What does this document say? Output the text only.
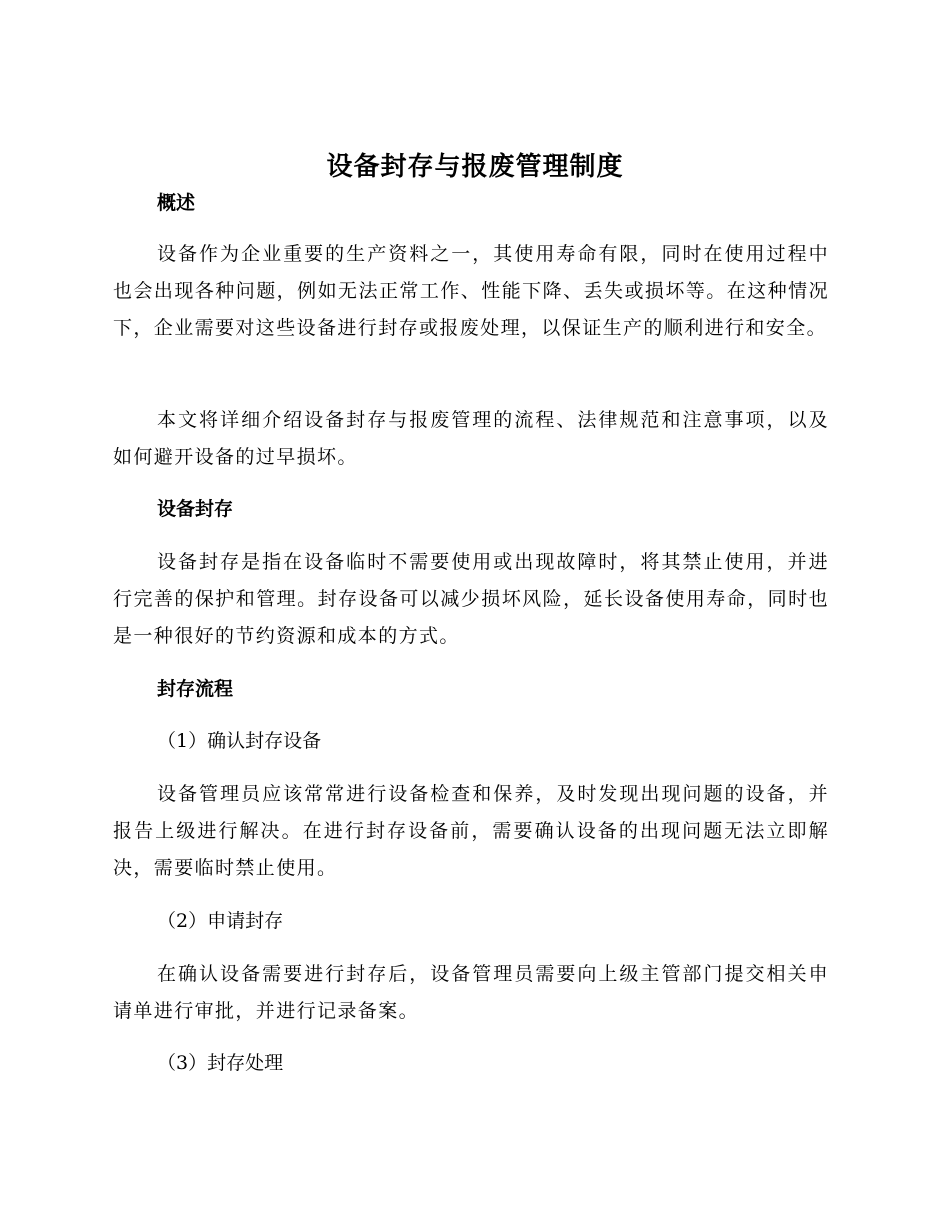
设备封存与报废管理制度
概述

设备作为企业重要的生产资料之一，其使用寿命有限，同时在使用过程中也会出现各种问题，例如无法正常工作、性能下降、丢失或损坏等。在这种情况下，企业需要对这些设备进行封存或报废处理，以保证生产的顺利进行和安全。

本文将详细介绍设备封存与报废管理的流程、法律规范和注意事项，以及如何避开设备的过早损坏。

设备封存

设备封存是指在设备临时不需要使用或出现故障时，将其禁止使用，并进行完善的保护和管理。封存设备可以减少损坏风险，延长设备使用寿命，同时也是一种很好的节约资源和成本的方式。

封存流程
（1）确认封存设备

设备管理员应该常常进行设备检查和保养，及时发现出现问题的设备，并报告上级进行解决。在进行封存设备前，需要确认设备的出现问题无法立即解决，需要临时禁止使用。

（2）申请封存

在确认设备需要进行封存后，设备管理员需要向上级主管部门提交相关申请单进行审批，并进行记录备案。

（3）封存处理
